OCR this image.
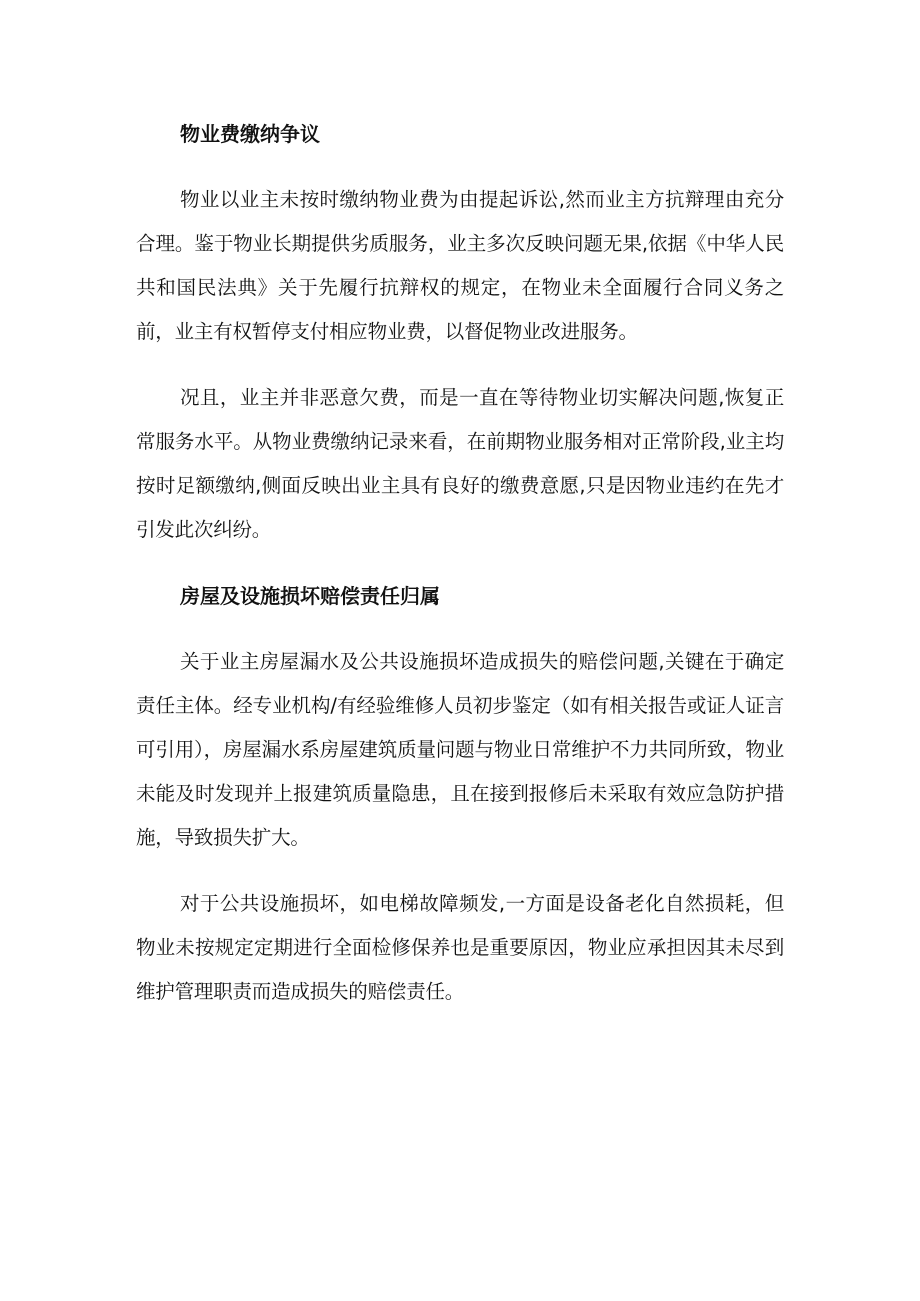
物业费缴纳争议

物业以业主未按时缴纳物业费为由提起诉讼,然而业主方抗辩理由充分合理。鉴于物业长期提供劣质服务，业主多次反映问题无果,依据《中华人民共和国民法典》关于先履行抗辩权的规定，在物业未全面履行合同义务之前，业主有权暂停支付相应物业费，以督促物业改进服务。

况且，业主并非恶意欠费，而是一直在等待物业切实解决问题,恢复正常服务水平。从物业费缴纳记录来看，在前期物业服务相对正常阶段,业主均按时足额缴纳,侧面反映出业主具有良好的缴费意愿,只是因物业违约在先才引发此次纠纷。

房屋及设施损坏赔偿责任归属

关于业主房屋漏水及公共设施损坏造成损失的赔偿问题,关键在于确定责任主体。经专业机构/有经验维修人员初步鉴定（如有相关报告或证人证言可引用），房屋漏水系房屋建筑质量问题与物业日常维护不力共同所致，物业未能及时发现并上报建筑质量隐患，且在接到报修后未采取有效应急防护措施，导致损失扩大。

对于公共设施损坏，如电梯故障频发,一方面是设备老化自然损耗，但物业未按规定定期进行全面检修保养也是重要原因，物业应承担因其未尽到维护管理职责而造成损失的赔偿责任。
